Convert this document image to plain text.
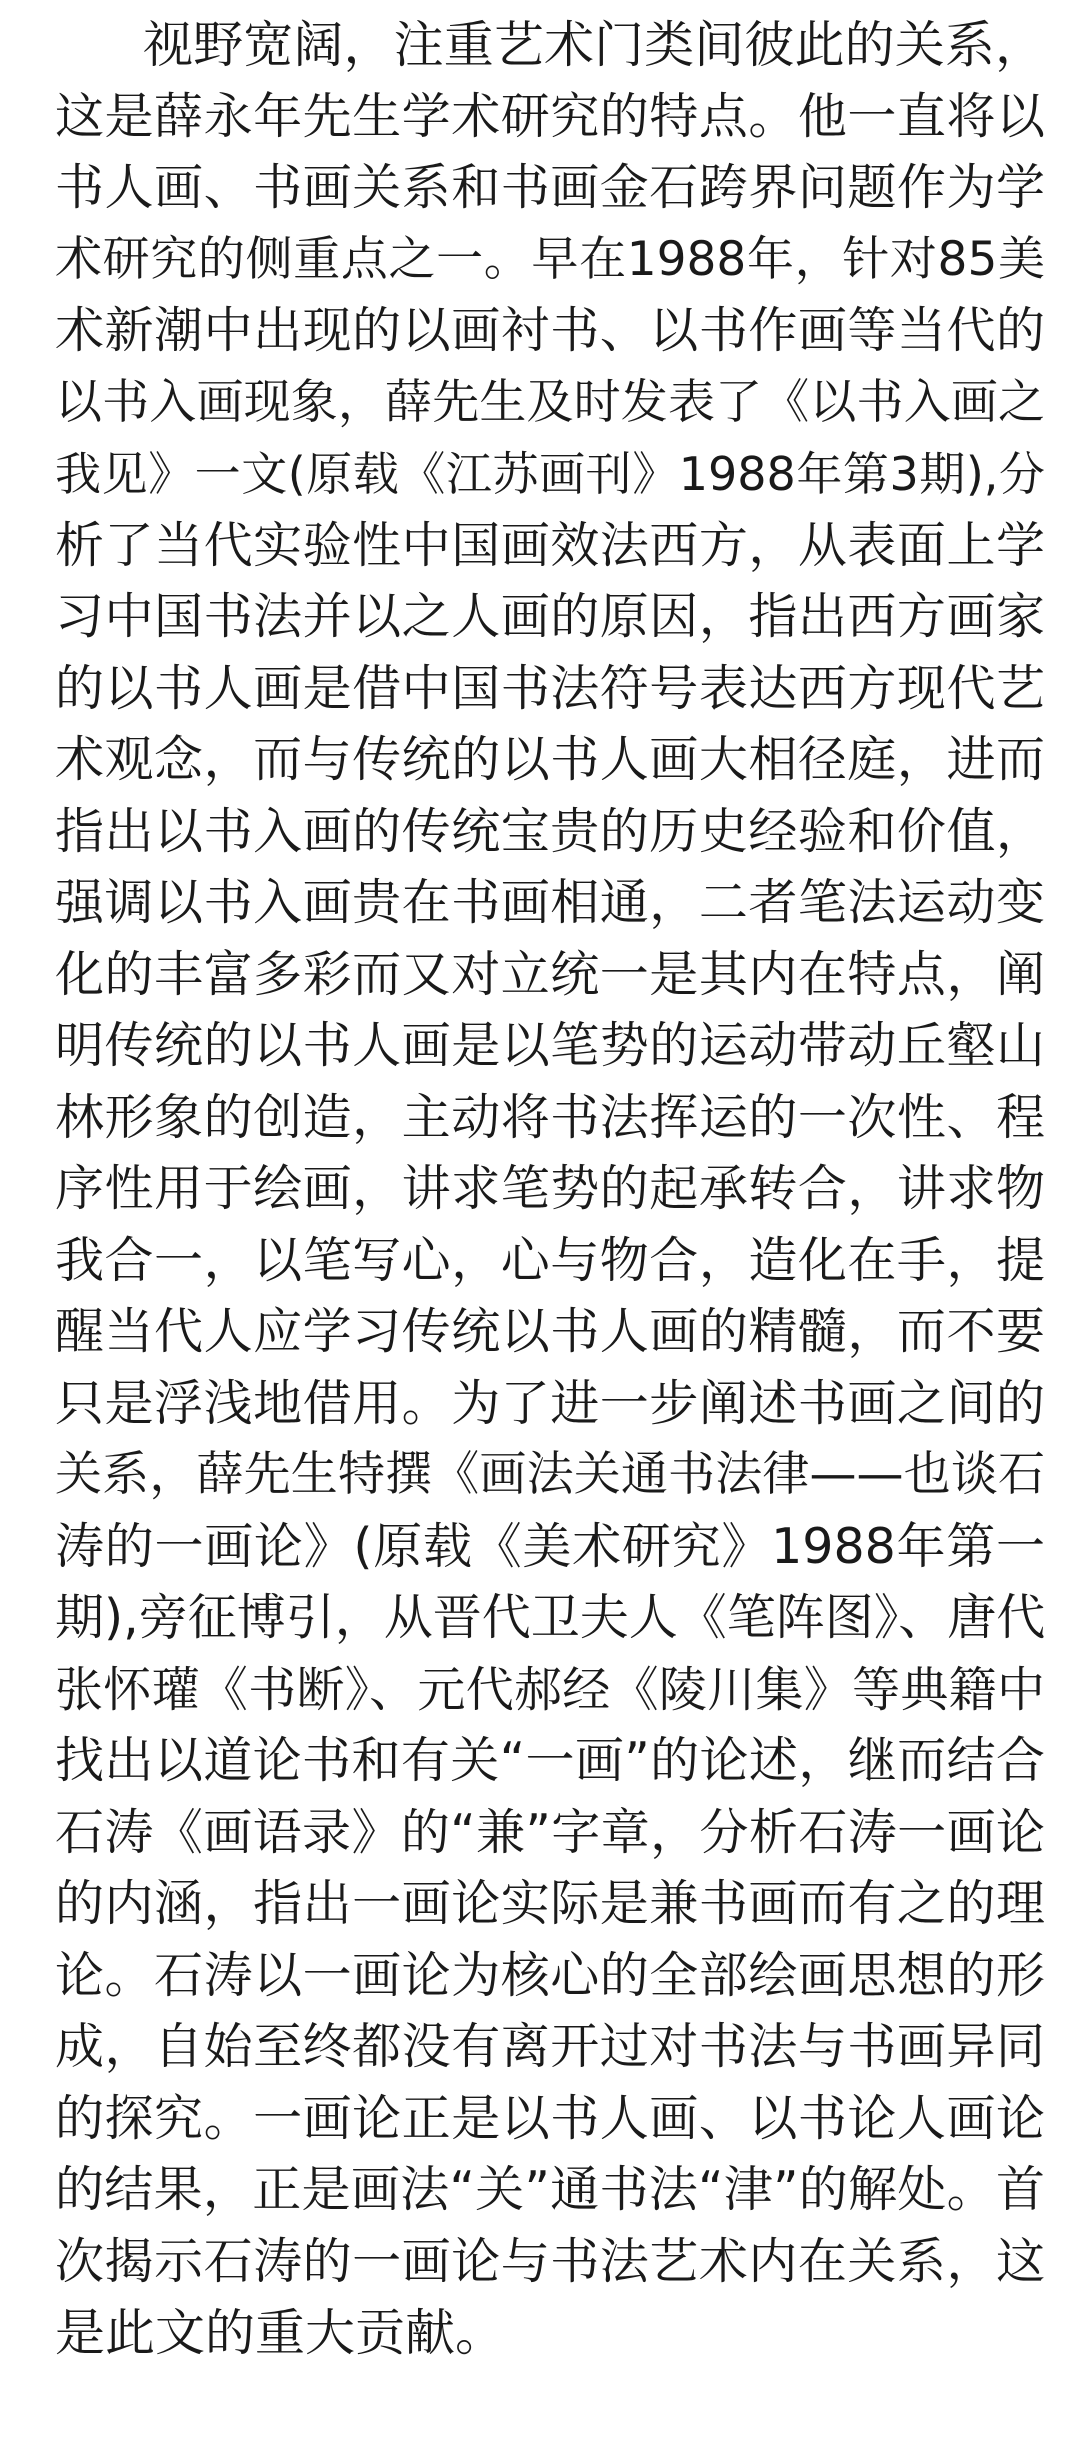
视野宽阔，注重艺术门类间彼此的关系，
这是薛永年先生学术研究的特点。他一直将以
书人画、书画关系和书画金石跨界问题作为学
术研究的侧重点之一。早在1988年，针对85美
术新潮中出现的以画衬书、以书作画等当代的
以书入画现象，薛先生及时发表了《以书入画之
我见》一文(原载《江苏画刊》1988年第3期),分
析了当代实验性中国画效法西方，从表面上学
习中国书法并以之人画的原因，指出西方画家
的以书人画是借中国书法符号表达西方现代艺
术观念，而与传统的以书人画大相径庭，进而
指出以书入画的传统宝贵的历史经验和价值，
强调以书入画贵在书画相通，二者笔法运动变
化的丰富多彩而又对立统一是其内在特点，阐
明传统的以书人画是以笔势的运动带动丘壑山
林形象的创造，主动将书法挥运的一次性、程
序性用于绘画，讲求笔势的起承转合，讲求物
我合一，以笔写心，心与物合，造化在手，提
醒当代人应学习传统以书人画的精髓，而不要
只是浮浅地借用。为了进一步阐述书画之间的
关系，薛先生特撰《画法关通书法律——也谈石
涛的一画论》(原载《美术研究》1988年第一
期),旁征博引，从晋代卫夫人《笔阵图》、唐代
张怀瓘《书断》、元代郝经《陵川集》等典籍中
找出以道论书和有关“一画”的论述，继而结合
石涛《画语录》的“兼”字章，分析石涛一画论
的内涵，指出一画论实际是兼书画而有之的理
论。石涛以一画论为核心的全部绘画思想的形
成，自始至终都没有离开过对书法与书画异同
的探究。一画论正是以书人画、以书论人画论
的结果，正是画法“关”通书法“津”的解处。首
次揭示石涛的一画论与书法艺术内在关系，这
是此文的重大贡献。
